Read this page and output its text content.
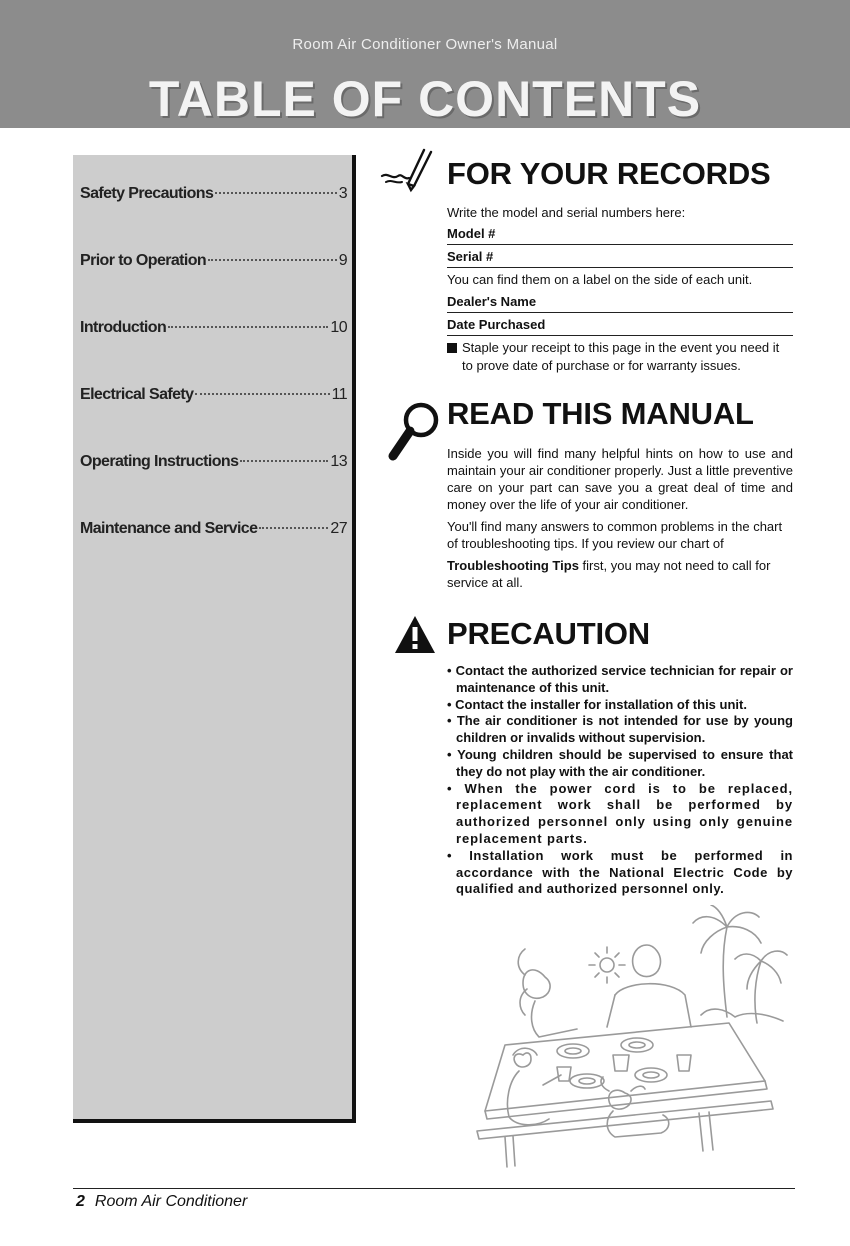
Room Air Conditioner Owner's Manual
TABLE OF CONTENTS
Safety Precautions	3
Prior to Operation	9
Introduction	10
Electrical Safety	11
Operating Instructions	13
Maintenance and Service	27
FOR YOUR RECORDS
Write the model and serial numbers here:
Model #
Serial #
You can find them on a label on the side of each unit.
Dealer's Name
Date Purchased
Staple your receipt to this page in the event you need it to prove date of purchase or for warranty issues.
READ THIS MANUAL
Inside you will find many helpful hints on how to use and maintain your air conditioner properly. Just a little preventive care on your part can save you a great deal of time and money over the life of your air conditioner.
You'll find many answers to common problems in the chart of troubleshooting tips. If you review our chart of
Troubleshooting Tips first, you may not need to call for service at all.
PRECAUTION
• Contact the authorized service technician for repair or maintenance of this unit.
• Contact the installer for installation of this unit.
• The air conditioner is not intended for use by young children or invalids without supervision.
• Young children should be supervised to ensure that they do not play with the air conditioner.
• When the power cord is to be replaced, replacement work shall be performed by authorized personnel only using only genuine replacement parts.
• Installation work must be performed in accordance with the National Electric Code by qualified and authorized personnel only.
2 Room Air Conditioner
